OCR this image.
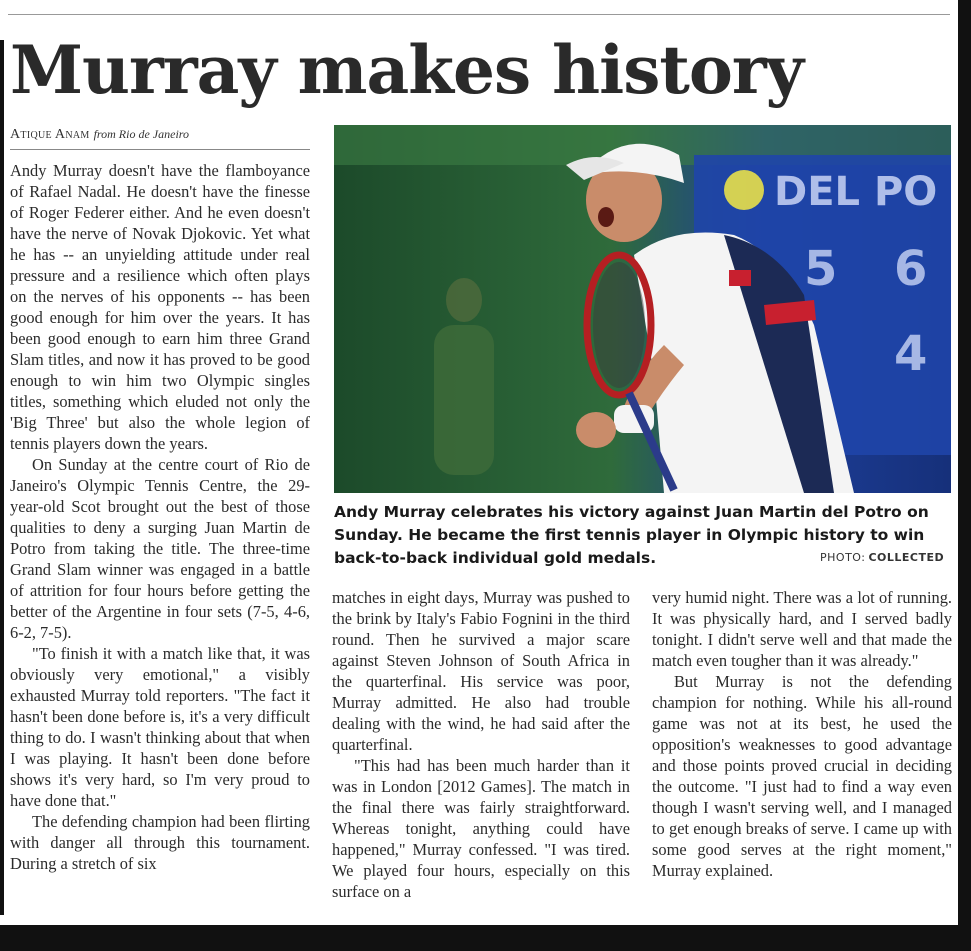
Murray makes history
Atique Anam from Rio de Janeiro

Andy Murray doesn't have the flamboyance of Rafael Nadal. He doesn't have the finesse of Roger Federer either. And he even doesn't have the nerve of Novak Djokovic. Yet what he has -- an unyielding attitude under real pressure and a resilience which often plays on the nerves of his opponents -- has been good enough for him over the years. It has been good enough to earn him three Grand Slam titles, and now it has proved to be good enough to win him two Olympic singles titles, something which eluded not only the 'Big Three' but also the whole legion of tennis players down the years.

On Sunday at the centre court of Rio de Janeiro's Olympic Tennis Centre, the 29-year-old Scot brought out the best of those qualities to deny a surging Juan Martin de Potro from taking the title. The three-time Grand Slam winner was engaged in a battle of attrition for four hours before getting the better of the Argentine in four sets (7-5, 4-6, 6-2, 7-5).

"To finish it with a match like that, it was obviously very emotional," a visibly exhausted Murray told reporters. "The fact it hasn't been done before is, it's a very difficult thing to do. I wasn't thinking about that when I was playing. It hasn't been done before shows it's very hard, so I'm very proud to have done that."

The defending champion had been flirting with danger all through this tournament. During a stretch of six

DEL PO
5 6
4
Andy Murray celebrates his victory against Juan Martin del Potro on Sunday. He became the first tennis player in Olympic history to win back-to-back individual gold medals.	PHOTO: COLLECTED

matches in eight days, Murray was pushed to the brink by Italy's Fabio Fognini in the third round. Then he survived a major scare against Steven Johnson of South Africa in the quarterfinal. His service was poor, Murray admitted. He also had trouble dealing with the wind, he had said after the quarterfinal.

"This had has been much harder than it was in London [2012 Games]. The match in the final there was fairly straightforward. Whereas tonight, anything could have happened," Murray confessed. "I was tired. We played four hours, especially on this surface on a

very humid night. There was a lot of running. It was physically hard, and I served badly tonight. I didn't serve well and that made the match even tougher than it was already."

But Murray is not the defending champion for nothing. While his all-round game was not at its best, he used the opposition's weaknesses to good advantage and those points proved crucial in deciding the outcome. "I just had to find a way even though I wasn't serving well, and I managed to get enough breaks of serve. I came up with some good serves at the right moment," Murray explained.
